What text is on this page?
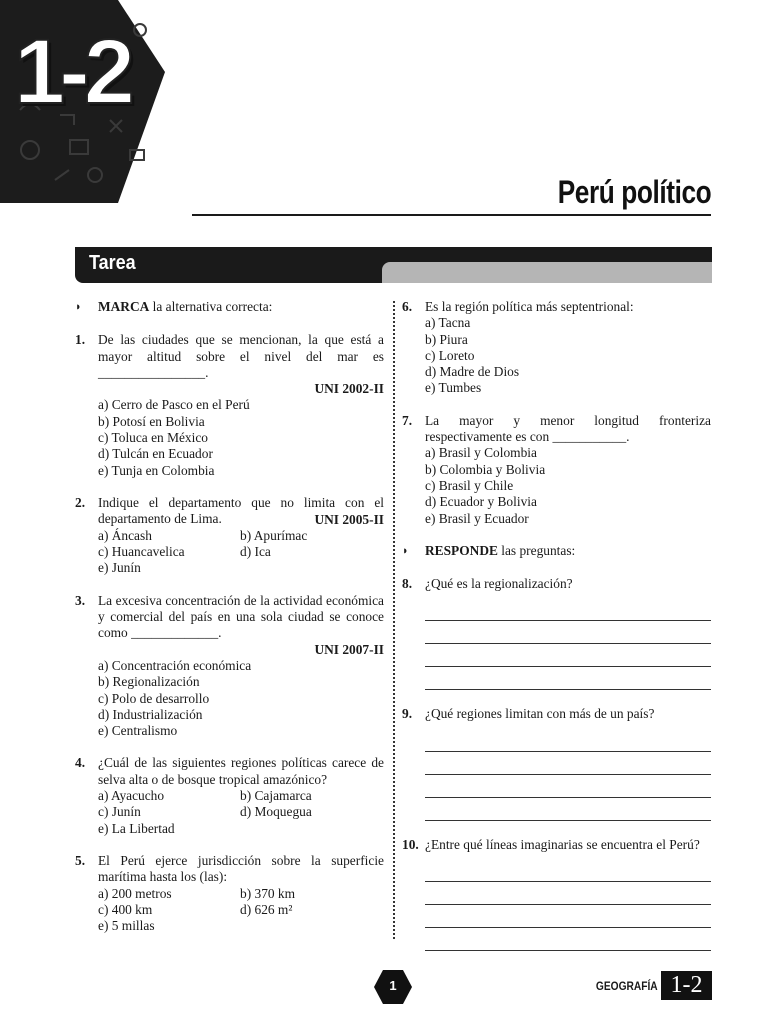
1-2
Perú político
Tarea
◗ MARCA la alternativa correcta:
1. De las ciudades que se mencionan, la que está a mayor altitud sobre el nivel del mar es ________________.
UNI 2002-II
a) Cerro de Pasco en el Perú
b) Potosí en Bolivia
c) Toluca en México
d) Tulcán en Ecuador
e) Tunja en Colombia
2. Indique el departamento que no limita con el departamento de Lima.	UNI 2005-II
a) Áncash	b) Apurímac
c) Huancavelica	d) Ica
e) Junín
3. La excesiva concentración de la actividad económica y comercial del país en una sola ciudad se conoce como _____________.
UNI 2007-II
a) Concentración económica
b) Regionalización
c) Polo de desarrollo
d) Industrialización
e) Centralismo
4. ¿Cuál de las siguientes regiones políticas carece de selva alta o de bosque tropical amazónico?
a) Ayacucho	b) Cajamarca
c) Junín	d) Moquegua
e) La Libertad
5. El Perú ejerce jurisdicción sobre la superficie marítima hasta los (las):
a) 200 metros	b) 370 km
c) 400 km	d) 626 m²
e) 5 millas
6. Es la región política más septentrional:
a) Tacna
b) Piura
c) Loreto
d) Madre de Dios
e) Tumbes
7. La mayor y menor longitud fronteriza respectivamente es con ___________.
a) Brasil y Colombia
b) Colombia y Bolivia
c) Brasil y Chile
d) Ecuador y Bolivia
e) Brasil y Ecuador
◗ RESPONDE las preguntas:
8. ¿Qué es la regionalización?
9. ¿Qué regiones limitan con más de un país?
10. ¿Entre qué líneas imaginarias se encuentra el Perú?
1	GEOGRAFÍA 1-2
